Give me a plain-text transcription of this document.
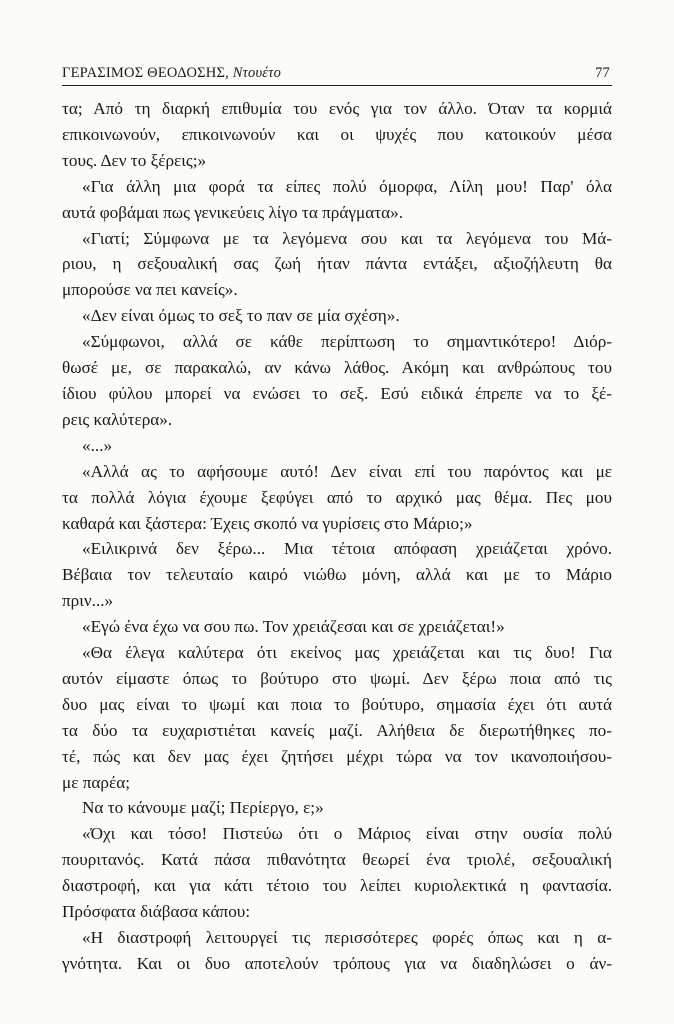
ΓΕΡΑΣΙΜΟΣ ΘΕΟΔΟΣΗΣ, Ντουέτο	77

τα; Από τη διαρκή επιθυμία του ενός για τον άλλο. Όταν τα κορμιά

επικοινωνούν, επικοινωνούν και οι ψυχές που κατοικούν μέσα

τους. Δεν το ξέρεις;»

«Για άλλη μια φορά τα είπες πολύ όμορφα, Λίλη μου! Παρ' όλα

αυτά φοβάμαι πως γενικεύεις λίγο τα πράγματα».

«Γιατί; Σύμφωνα με τα λεγόμενα σου και τα λεγόμενα του Μά-

ριου, η σεξουαλική σας ζωή ήταν πάντα εντάξει, αξιοζήλευτη θα

μπορούσε να πει κανείς».

«Δεν είναι όμως το σεξ το παν σε μία σχέση».

«Σύμφωνοι, αλλά σε κάθε περίπτωση το σημαντικότερο! Διόρ-

θωσέ με, σε παρακαλώ, αν κάνω λάθος. Ακόμη και ανθρώπους του

ίδιου φύλου μπορεί να ενώσει το σεξ. Εσύ ειδικά έπρεπε να το ξέ-

ρεις καλύτερα».

«...»

«Αλλά ας το αφήσουμε αυτό! Δεν είναι επί του παρόντος και με

τα πολλά λόγια έχουμε ξεφύγει από το αρχικό μας θέμα. Πες μου

καθαρά και ξάστερα: Έχεις σκοπό να γυρίσεις στο Μάριο;»

«Ειλικρινά δεν ξέρω... Μια τέτοια απόφαση χρειάζεται χρόνο.

Βέβαια τον τελευταίο καιρό νιώθω μόνη, αλλά και με το Μάριο

πριν...»

«Εγώ ένα έχω να σου πω. Τον χρειάζεσαι και σε χρειάζεται!»

«Θα έλεγα καλύτερα ότι εκείνος μας χρειάζεται και τις δυο! Για

αυτόν είμαστε όπως το βούτυρο στο ψωμί. Δεν ξέρω ποια από τις

δυο μας είναι το ψωμί και ποια το βούτυρο, σημασία έχει ότι αυτά

τα δύο τα ευχαριστιέται κανείς μαζί. Αλήθεια δε διερωτήθηκες πο-

τέ, πώς και δεν μας έχει ζητήσει μέχρι τώρα να τον ικανοποιήσου-

με παρέα;

Να το κάνουμε μαζί; Περίεργο, ε;»

«Όχι και τόσο! Πιστεύω ότι ο Μάριος είναι στην ουσία πολύ

πουριτανός. Κατά πάσα πιθανότητα θεωρεί ένα τριολέ, σεξουαλική

διαστροφή, και για κάτι τέτοιο του λείπει κυριολεκτικά η φαντασία.

Πρόσφατα διάβασα κάπου:

«Η διαστροφή λειτουργεί τις περισσότερες φορές όπως και η α-

γνότητα. Και οι δυο αποτελούν τρόπους για να διαδηλώσει ο άν-
